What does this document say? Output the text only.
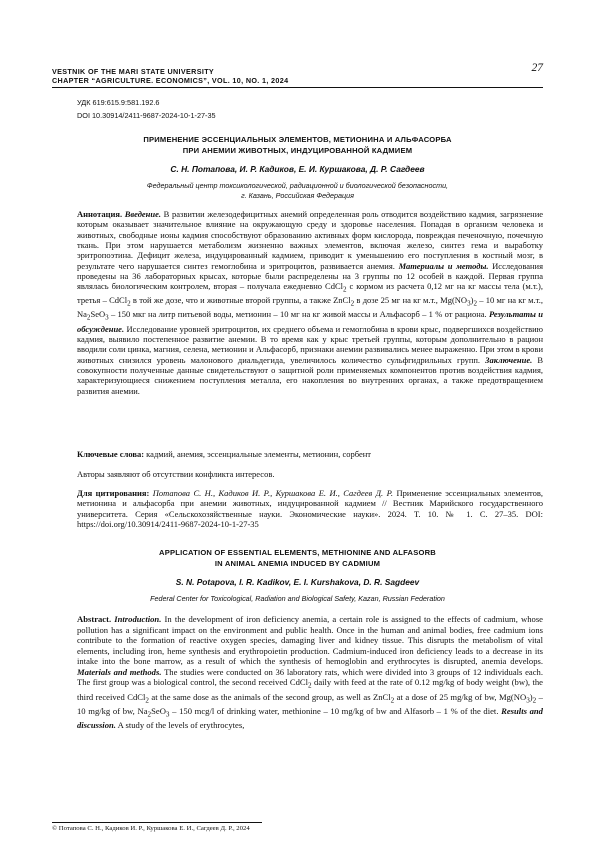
VESTNIK OF THE MARI STATE UNIVERSITY
CHAPTER “AGRICULTURE. ECONOMICS”, VOL. 10, NO. 1, 2024
27
УДК 619:615.9:581.192.6
DOI 10.30914/2411-9687-2024-10-1-27-35
ПРИМЕНЕНИЕ ЭССЕНЦИАЛЬНЫХ ЭЛЕМЕНТОВ, МЕТИОНИНА И АЛЬФАСОРБА
ПРИ АНЕМИИ ЖИВОТНЫХ, ИНДУЦИРОВАННОЙ КАДМИЕМ
С. Н. Потапова, И. Р. Кадиков, Е. И. Куршакова, Д. Р. Сагдеев
Федеральный центр токсикологической, радиационной и биологической безопасности,
г. Казань, Российская Федерация
Аннотация. Введение. В развитии железодефицитных анемий определенная роль отводится воздействию кадмия, загрязнение которым оказывает значительное влияние на окружающую среду и здоровье населения. Попадая в организм человека и животных, свободные ионы кадмия способствуют образованию активных форм кислорода, повреждая печеночную, почечную ткань. При этом нарушается метаболизм жизненно важных элементов, включая железо, синтез гема и выработку эритропоэтина. Дефицит железа, индуцированный кадмием, приводит к уменьшению его поступления в костный мозг, в результате чего нарушается синтез гемоглобина и эритроцитов, развивается анемия. Материалы и методы. Исследования проведены на 36 лабораторных крысах, которые были распределены на 3 группы по 12 особей в каждой. Первая группа являлась биологическим контролем, вторая – получала ежедневно CdCl$_2$ с кормом из расчета 0,12 мг на кг массы тела (м.т.), третья – CdCl$_2$ в той же дозе, что и животные второй группы, а также ZnCl$_2$ в дозе 25 мг на кг м.т., $Mg(NO_3)_2 - 10$ мг на кг м.т., $Na_2SeO_3 - 150$ мкг на литр питьевой воды, метионин – 10 мг на кг живой массы и Альфасорб – 1 % от рациона. Результаты и обсуждение. Исследование уровней эритроцитов, их среднего объема и гемоглобина в крови крыс, подвергшихся воздействию кадмия, выявило постепенное развитие анемии. В то время как у крыс третьей группы, которым дополнительно в рацион вводили соли цинка, магния, селена, метионин и Альфасорб, признаки анемии развивались менее выраженно. При этом в крови животных снизился уровень малонового диальдегида, увеличилось количество сульфгидрильных групп. Заключение. В совокупности полученные данные свидетельствуют о защитной роли применяемых компонентов против воздействия кадмия, характеризующиеся снижением поступления металла, его накопления во внутренних органах, а также предотвращением развития анемии.
Ключевые слова: кадмий, анемия, эссенциальные элементы, метионин, сорбент
Авторы заявляют об отсутствии конфликта интересов.
Для цитирования: Потапова С. Н., Кадиков И. Р., Куршакова Е. И., Сагдеев Д. Р. Применение эссенциальных элементов, метионина и альфасорба при анемии животных, индуцированной кадмием // Вестник Марийского государственного университета. Серия «Сельскохозяйственные науки. Экономические науки». 2024. Т. 10. № 1. С. 27–35. DOI: https://doi.org/10.30914/2411-9687-2024-10-1-27-35
APPLICATION OF ESSENTIAL ELEMENTS, METHIONINE AND ALFASORB
IN ANIMAL ANEMIA INDUCED BY CADMIUM
S. N. Potapova, I. R. Kadikov, E. I. Kurshakova, D. R. Sagdeev
Federal Center for Toxicological, Radiation and Biological Safety, Kazan, Russian Federation
Abstract. Introduction. In the development of iron deficiency anemia, a certain role is assigned to the effects of cadmium, whose pollution has a significant impact on the environment and public health. Once in the human and animal bodies, free cadmium ions contribute to the formation of reactive oxygen species, damaging liver and kidney tissue. This disrupts the metabolism of vital elements, including iron, heme synthesis and erythropoietin production. Cadmium-induced iron deficiency leads to a decrease in its intake into the bone marrow, as a result of which the synthesis of hemoglobin and erythrocytes is disrupted, anemia develops. Materials and methods. The studies were conducted on 36 laboratory rats, which were divided into 3 groups of 12 individuals each. The first group was a biological control, the second received CdCl$_2$ daily with feed at the rate of 0.12 mg/kg of body weight (bw), the third received CdCl$_2$ at the same dose as the animals of the second group, as well as ZnCl$_2$ at a dose of 25 mg/kg of bw, $Mg(NO_3)_2 - 10$ mg/kg of bw, $Na_2SeO_3 - 150$ mcg/l of drinking water, methionine – 10 mg/kg of bw and Alfasorb – 1 % of the diet. Results and discussion. A study of the levels of erythrocytes,
© Потапова С. Н., Кадиков И. Р., Куршакова Е. И., Сагдеев Д. Р., 2024
